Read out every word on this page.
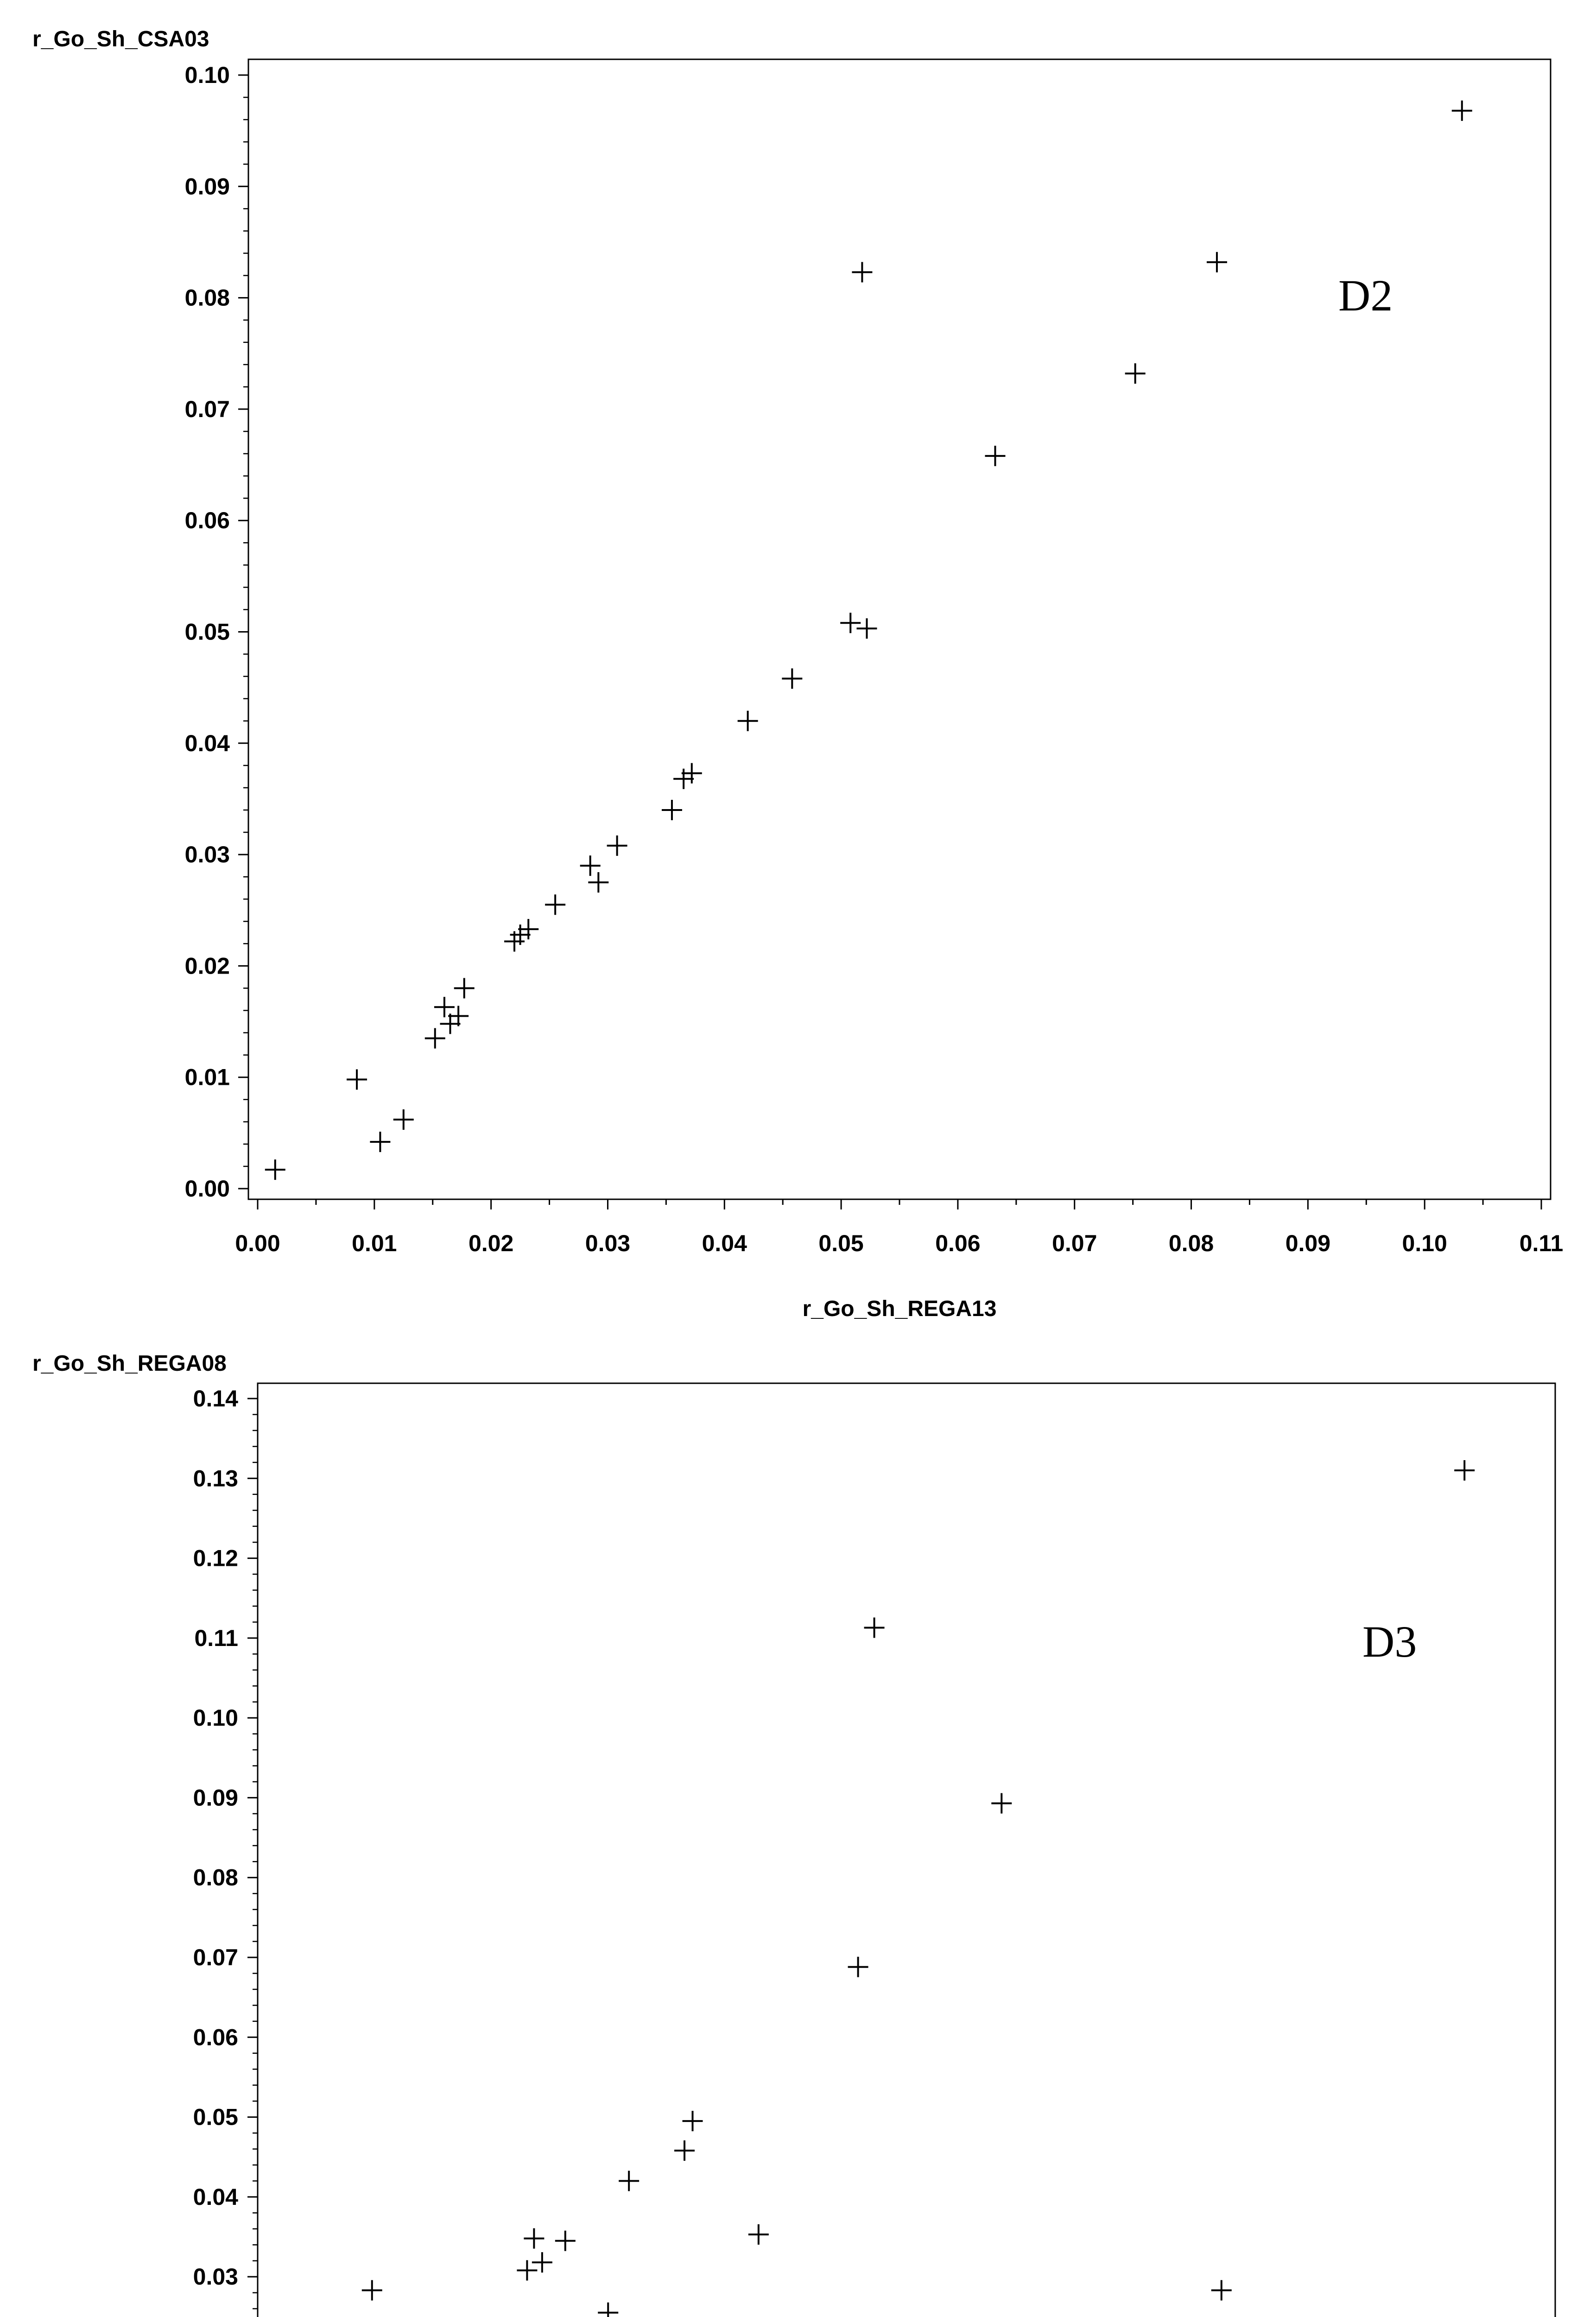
0.00
0.01
0.02
0.03
0.04
0.05
0.06
0.07
0.08
0.09
0.10
0.00	0.01	0.02	0.03	0.04	0.05	0.06	0.07	0.08	0.09	0.10	0.11
r_Go_Sh_CSA03
r_Go_Sh_REGA13
D2
0.03
0.04
0.05
0.06
0.07
0.08
0.09
0.10
0.11
0.12
0.13
0.14
r_Go_Sh_REGA08
D3
